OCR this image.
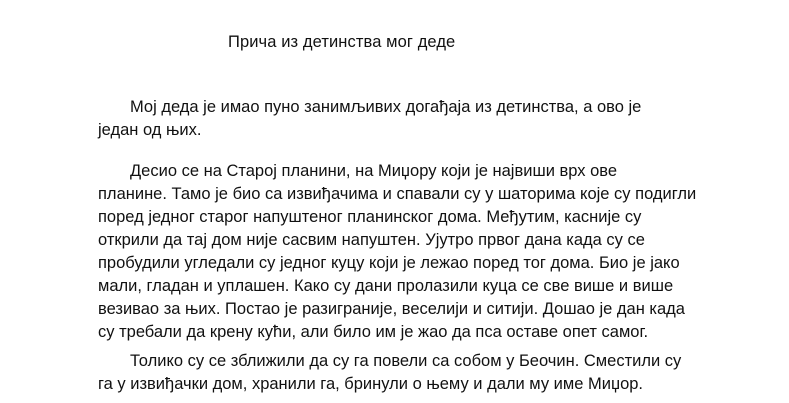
Прича из детинства мог деде
Мој деда је имао пуно занимљивих догађаја из детинства, а ово је
један од њих.
Десио се на Старој планини, на Миџору који је највиши врх ове
планине. Тамо је био са извиђачима и спавали су у шаторима које су подигли
поред једног старог напуштеног планинског дома. Међутим, касније су
открили да тај дом није сасвим напуштен. Ујутро првог дана када су се
пробудили угледали су једног куцу који је лежао поред тог дома. Био је јако
мали, гладан и уплашен. Како су дани пролазили куца се све више и више
везивао за њих. Постао је разиграније, веселији и ситији. Дошао је дан када
су требали да крену кући, али било им је жао да пса оставе опет самог.
Толико су се зближили да су га повели са собом у Беочин. Сместили су
га у извиђачки дом, хранили га, бринули о њему и дали му име Миџор.
